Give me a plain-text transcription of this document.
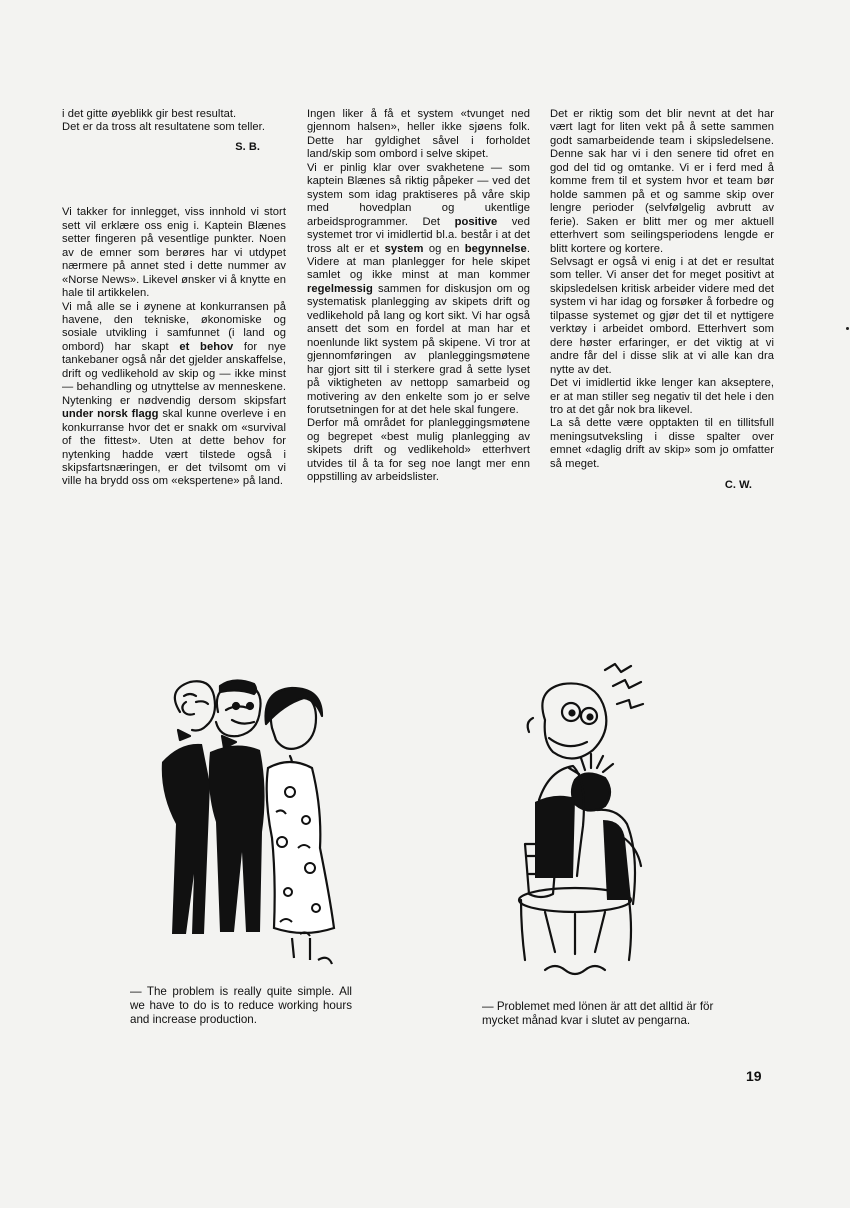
i det gitte øyeblikk gir best resultat.

Det er da tross alt resultatene som teller.

S. B.

Vi takker for innlegget, viss innhold vi stort sett vil erklære oss enig i. Kaptein Blænes setter fingeren på vesentlige punkter. Noen av de emner som berøres har vi utdypet nærmere på annet sted i dette nummer av «Norse News». Likevel ønsker vi å knytte en hale til artikkelen.

Vi må alle se i øynene at konkurransen på havene, den tekniske, økonomiske og sosiale utvikling i samfunnet (i land og ombord) har skapt et behov for nye tankebaner også når det gjelder anskaffelse, drift og vedlikehold av skip og — ikke minst — behandling og utnyttelse av menneskene. Nytenking er nødvendig dersom skipsfart under norsk flagg skal kunne overleve i en konkurranse hvor det er snakk om «survival of the fittest». Uten at dette behov for nytenking hadde vært tilstede også i skipsfartsnæringen, er det tvilsomt om vi ville ha brydd oss om «ekspertene» på land.

Ingen liker å få et system «tvunget ned gjennom halsen», heller ikke sjøens folk. Dette har gyldighet såvel i forholdet land/skip som ombord i selve skipet.

Vi er pinlig klar over svakhetene — som kaptein Blænes så riktig påpeker — ved det system som idag praktiseres på våre skip med hovedplan og ukentlige arbeidsprogrammer. Det positive ved systemet tror vi imidlertid bl.a. består i at det tross alt er et system og en begynnelse. Videre at man planlegger for hele skipet samlet og ikke minst at man kommer regelmessig sammen for diskusjon om og systematisk planlegging av skipets drift og vedlikehold på lang og kort sikt. Vi har også ansett det som en fordel at man har et noenlunde likt system på skipene. Vi tror at gjennomføringen av planleggingsmøtene har gjort sitt til i sterkere grad å sette lyset på viktigheten av nettopp samarbeid og motivering av den enkelte som jo er selve forutsetningen for at det hele skal fungere.

Derfor må området for planleggingsmøtene og begrepet «best mulig planlegging av skipets drift og vedlikehold» etterhvert utvides til å ta for seg noe langt mer enn oppstilling av arbeidslister.

Det er riktig som det blir nevnt at det har vært lagt for liten vekt på å sette sammen godt samarbeidende team i skipsledelsene. Denne sak har vi i den senere tid ofret en god del tid og omtanke. Vi er i ferd med å komme frem til et system hvor et team bør holde sammen på et og samme skip over lengre perioder (selvfølgelig avbrutt av ferie). Saken er blitt mer og mer aktuell etterhvert som seilingsperiodens lengde er blitt kortere og kortere.

Selvsagt er også vi enig i at det er resultat som teller. Vi anser det for meget positivt at skipsledelsen kritisk arbeider videre med det system vi har idag og forsøker å forbedre og tilpasse systemet og gjør det til et nyttigere verktøy i arbeidet ombord. Etterhvert som dere høster erfaringer, er det viktig at vi andre får del i disse slik at vi alle kan dra nytte av det.

Det vi imidlertid ikke lenger kan akseptere, er at man stiller seg negativ til det hele i den tro at det går nok bra likevel.

La så dette være opptakten til en tillitsfull meningsutveksling i disse spalter over emnet «daglig drift av skip» som jo omfatter så meget.

C. W.
— The problem is really quite simple. All we have to do is to reduce working hours and increase production.
— Problemet med lönen är att det alltid är för mycket månad kvar i slutet av pengarna.
19
